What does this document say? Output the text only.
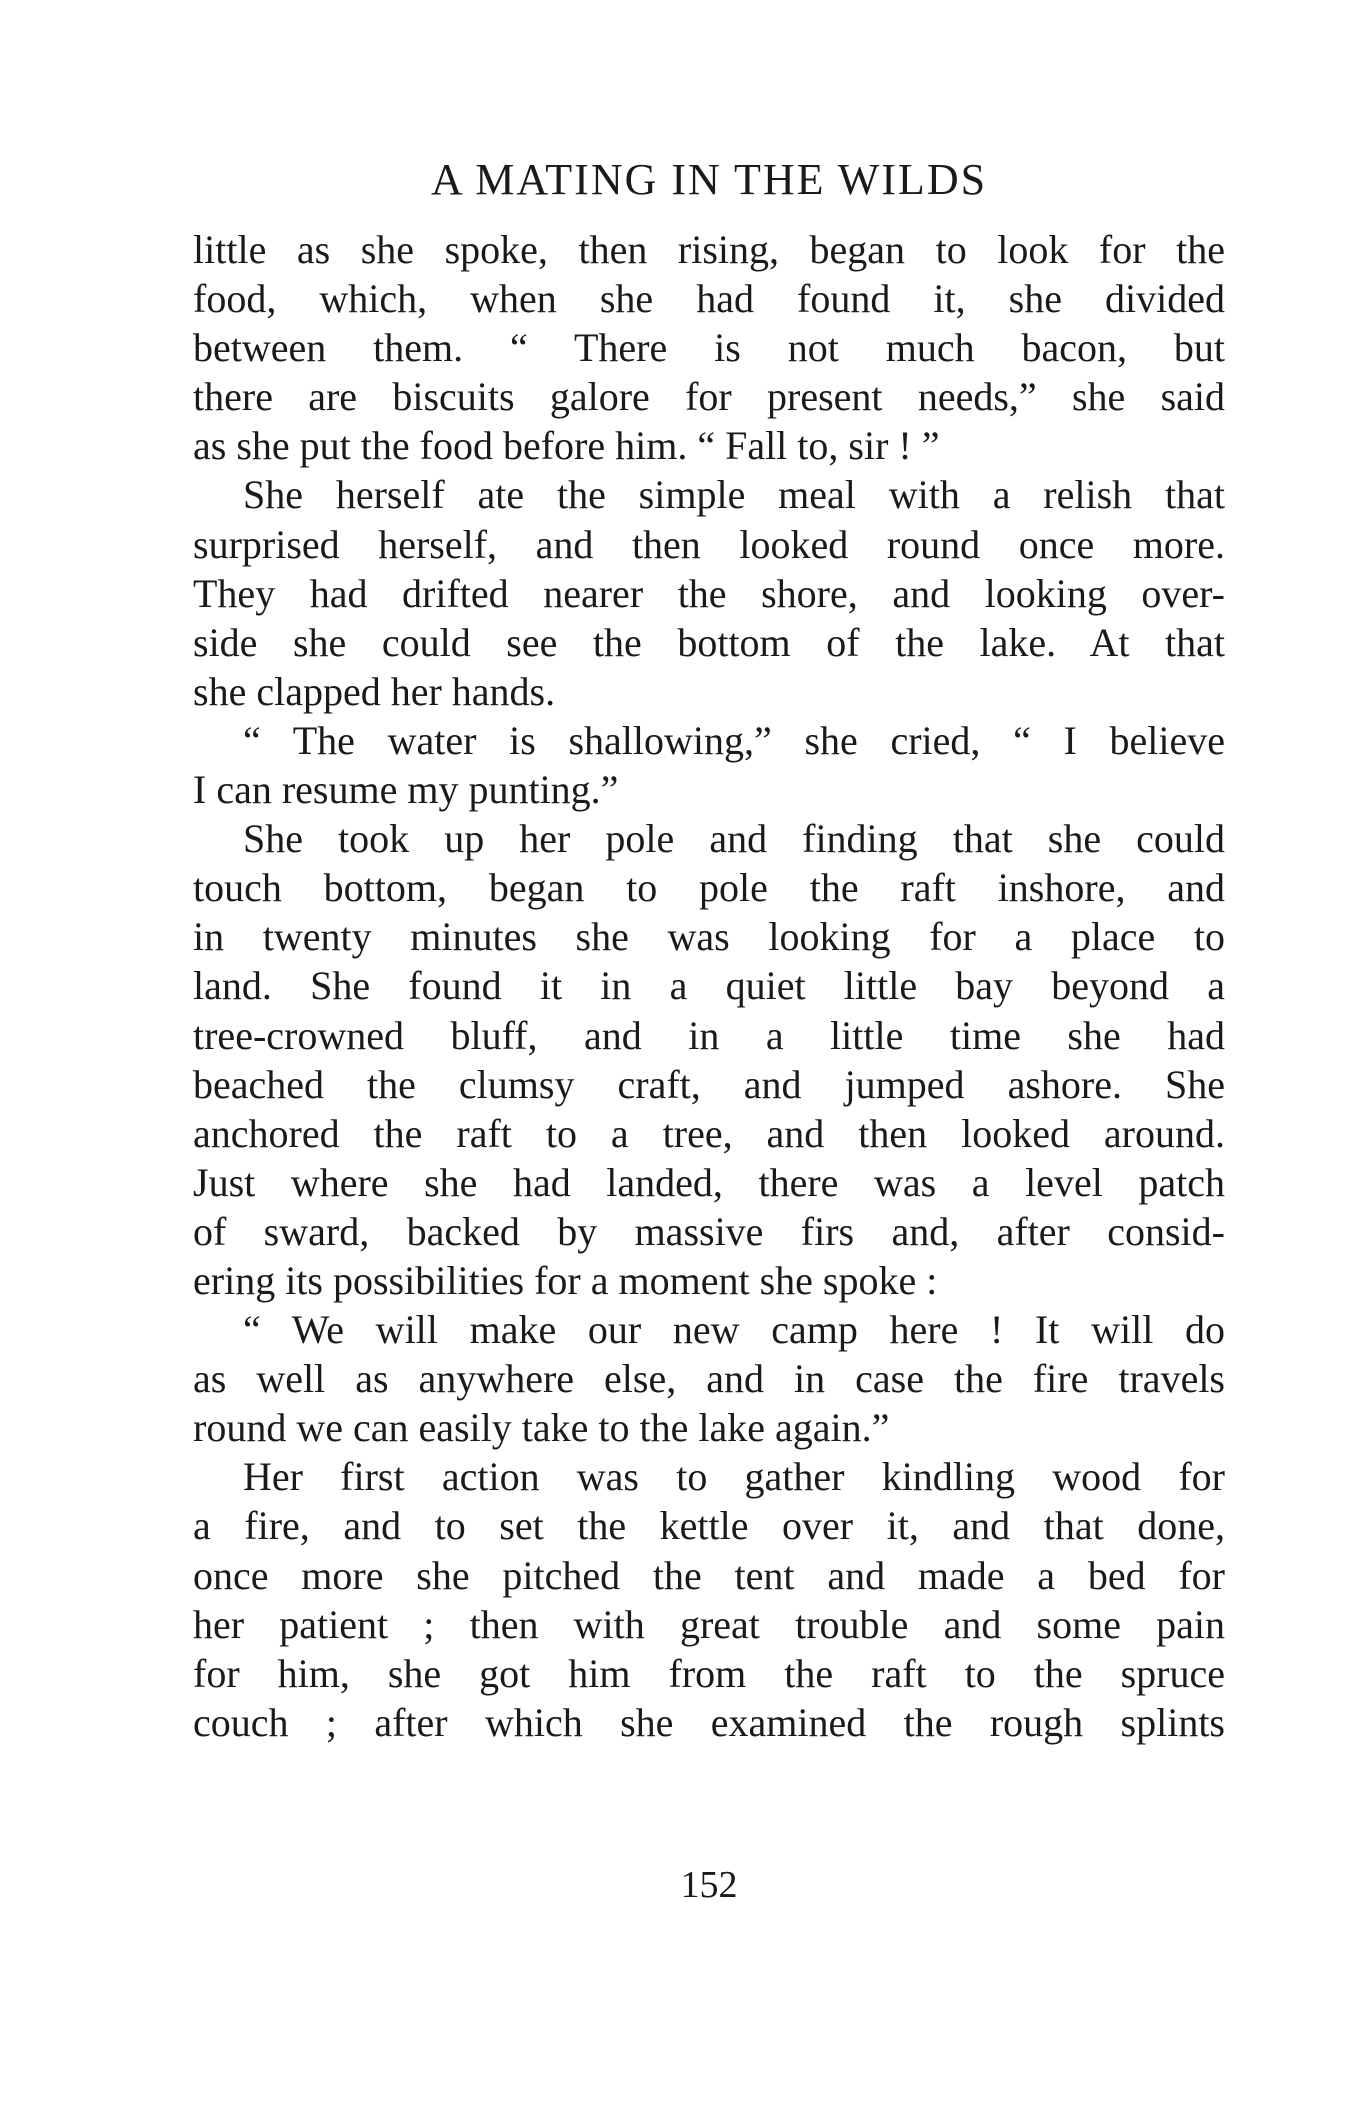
A MATING IN THE WILDS
little as she spoke, then rising, began to look for the
food, which, when she had found it, she divided
between them. “ There is not much bacon, but
there are biscuits galore for present needs,” she said
as she put the food before him. “ Fall to, sir ! ”
She herself ate the simple meal with a relish that
surprised herself, and then looked round once more.
They had drifted nearer the shore, and looking over-
side she could see the bottom of the lake. At that
she clapped her hands.
“ The water is shallowing,” she cried, “ I believe
I can resume my punting.”
She took up her pole and finding that she could
touch bottom, began to pole the raft inshore, and
in twenty minutes she was looking for a place to
land. She found it in a quiet little bay beyond a
tree-crowned bluff, and in a little time she had
beached the clumsy craft, and jumped ashore. She
anchored the raft to a tree, and then looked around.
Just where she had landed, there was a level patch
of sward, backed by massive firs and, after consid-
ering its possibilities for a moment she spoke :
“ We will make our new camp here ! It will do
as well as anywhere else, and in case the fire travels
round we can easily take to the lake again.”
Her first action was to gather kindling wood for
a fire, and to set the kettle over it, and that done,
once more she pitched the tent and made a bed for
her patient ; then with great trouble and some pain
for him, she got him from the raft to the spruce
couch ; after which she examined the rough splints
152
